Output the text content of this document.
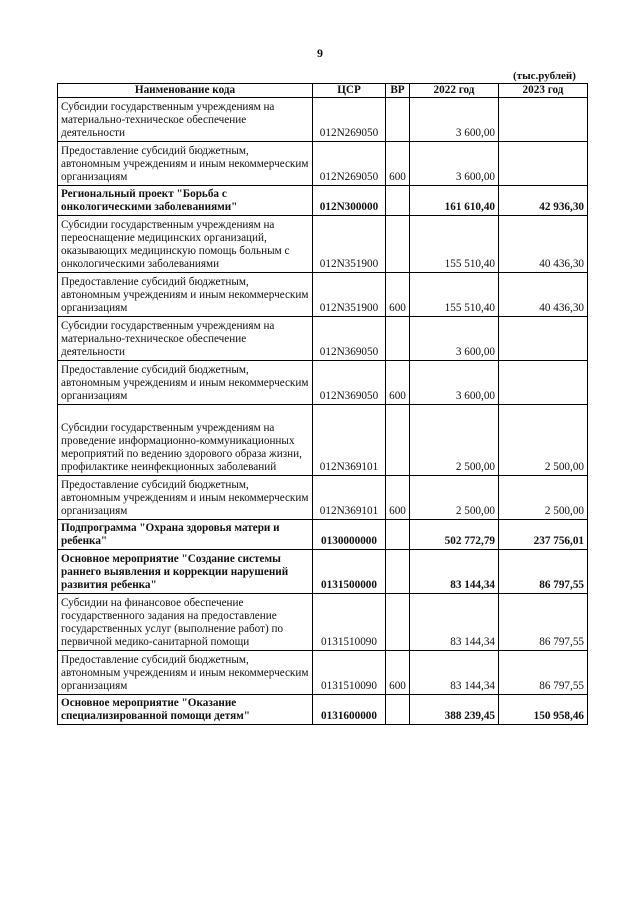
9
(тыс.рублей)
Наименование кода	ЦСР	ВР	2022 год	2023 год
Субсидии государственным учреждениям на материально-техническое обеспечение деятельности	012N269050		3 600,00	
Предоставление субсидий бюджетным, автономным учреждениям и иным некоммерческим организациям	012N269050	600	3 600,00	
Региональный проект "Борьба с онкологическими заболеваниями"	012N300000		161 610,40	42 936,30
Субсидии государственным учреждениям на переоснащение медицинских организаций, оказывающих медицинскую помощь больным с онкологическими заболеваниями	012N351900		155 510,40	40 436,30
Предоставление субсидий бюджетным, автономным учреждениям и иным некоммерческим организациям	012N351900	600	155 510,40	40 436,30
Субсидии государственным учреждениям на материально-техническое обеспечение деятельности	012N369050		3 600,00	
Предоставление субсидий бюджетным, автономным учреждениям и иным некоммерческим организациям	012N369050	600	3 600,00	
Субсидии государственным учреждениям на проведение информационно-коммуникационных мероприятий по ведению здорового образа жизни, профилактике неинфекционных заболеваний	012N369101		2 500,00	2 500,00
Предоставление субсидий бюджетным, автономным учреждениям и иным некоммерческим организациям	012N369101	600	2 500,00	2 500,00
Подпрограмма "Охрана здоровья матери и ребенка"	0130000000		502 772,79	237 756,01
Основное мероприятие "Создание системы раннего выявления и коррекции нарушений развития ребенка"	0131500000		83 144,34	86 797,55
Субсидии на финансовое обеспечение государственного задания на предоставление государственных услуг (выполнение работ) по первичной медико-санитарной помощи	0131510090		83 144,34	86 797,55
Предоставление субсидий бюджетным, автономным учреждениям и иным некоммерческим организациям	0131510090	600	83 144,34	86 797,55
Основное мероприятие "Оказание специализированной помощи детям"	0131600000		388 239,45	150 958,46
